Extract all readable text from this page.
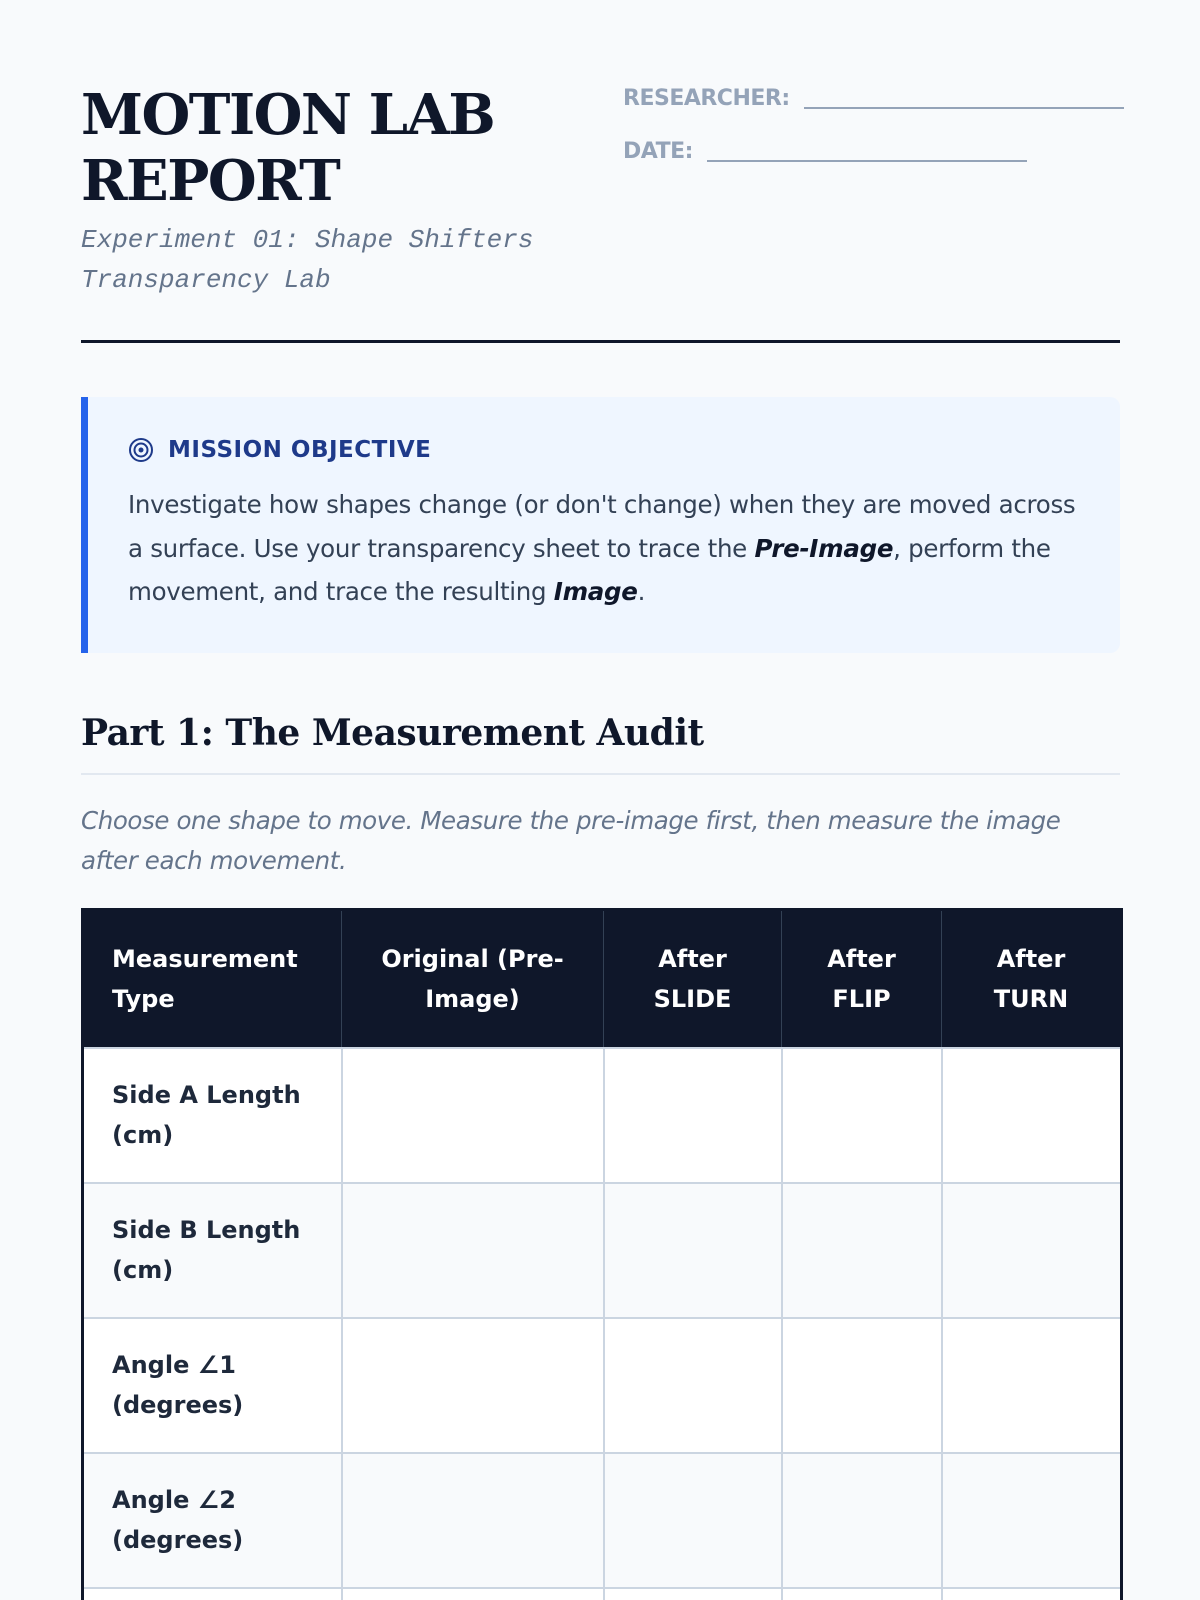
MOTION LAB REPORT
Experiment 01: Shape Shifters Transparency Lab
RESEARCHER:
DATE:
MISSION OBJECTIVE

Investigate how shapes change (or don't change) when they are moved across a surface. Use your transparency sheet to trace the Pre-Image, perform the movement, and trace the resulting Image.

Part 1: The Measurement Audit

Choose one shape to move. Measure the pre-image first, then measure the image after each movement.

Measurement Type	Original (Pre-Image)	After SLIDE	After FLIP	After TURN
Side A Length (cm)				
Side B Length (cm)				
Angle ∠1 (degrees)				
Angle ∠2 (degrees)				
